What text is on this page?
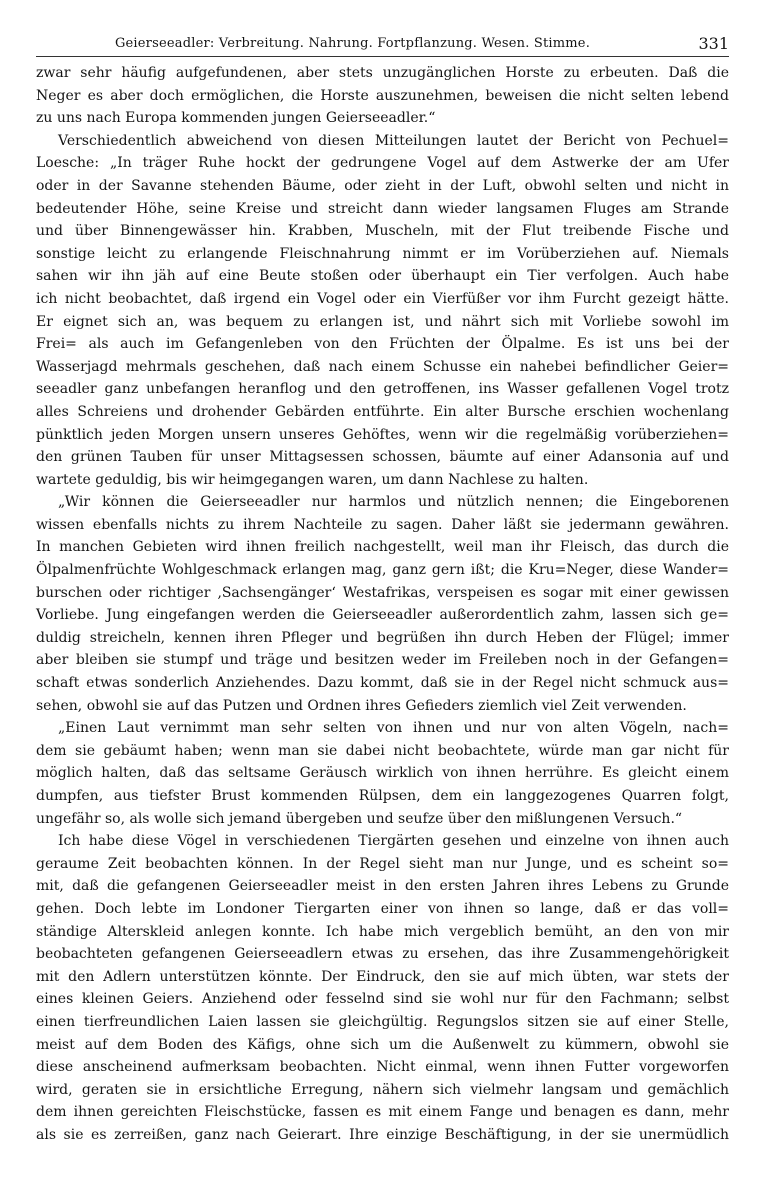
Geierseeadler: Verbreitung. Nahrung. Fortpflanzung. Wesen. Stimme.	331

zwar sehr häufig aufgefundenen, aber stets unzugänglichen Horste zu erbeuten. Daß die

Neger es aber doch ermöglichen, die Horste auszunehmen, beweisen die nicht selten lebend

zu uns nach Europa kommenden jungen Geierseeadler.“

Verschiedentlich abweichend von diesen Mitteilungen lautet der Bericht von Pechuel=

Loesche: „In träger Ruhe hockt der gedrungene Vogel auf dem Astwerke der am Ufer

oder in der Savanne stehenden Bäume, oder zieht in der Luft, obwohl selten und nicht in

bedeutender Höhe, seine Kreise und streicht dann wieder langsamen Fluges am Strande

und über Binnengewässer hin. Krabben, Muscheln, mit der Flut treibende Fische und

sonstige leicht zu erlangende Fleischnahrung nimmt er im Vorüberziehen auf. Niemals

sahen wir ihn jäh auf eine Beute stoßen oder überhaupt ein Tier verfolgen. Auch habe

ich nicht beobachtet, daß irgend ein Vogel oder ein Vierfüßer vor ihm Furcht gezeigt hätte.

Er eignet sich an, was bequem zu erlangen ist, und nährt sich mit Vorliebe sowohl im

Frei= als auch im Gefangenleben von den Früchten der Ölpalme. Es ist uns bei der

Wasserjagd mehrmals geschehen, daß nach einem Schusse ein nahebei befindlicher Geier=

seeadler ganz unbefangen heranflog und den getroffenen, ins Wasser gefallenen Vogel trotz

alles Schreiens und drohender Gebärden entführte. Ein alter Bursche erschien wochenlang

pünktlich jeden Morgen unsern unseres Gehöftes, wenn wir die regelmäßig vorüberziehen=

den grünen Tauben für unser Mittagsessen schossen, bäumte auf einer Adansonia auf und

wartete geduldig, bis wir heimgegangen waren, um dann Nachlese zu halten.

„Wir können die Geierseeadler nur harmlos und nützlich nennen; die Eingeborenen

wissen ebenfalls nichts zu ihrem Nachteile zu sagen. Daher läßt sie jedermann gewähren.

In manchen Gebieten wird ihnen freilich nachgestellt, weil man ihr Fleisch, das durch die

Ölpalmenfrüchte Wohlgeschmack erlangen mag, ganz gern ißt; die Kru=Neger, diese Wander=

burschen oder richtiger ‚Sachsengänger‘ Westafrikas, verspeisen es sogar mit einer gewissen

Vorliebe. Jung eingefangen werden die Geierseeadler außerordentlich zahm, lassen sich ge=

duldig streicheln, kennen ihren Pfleger und begrüßen ihn durch Heben der Flügel; immer

aber bleiben sie stumpf und träge und besitzen weder im Freileben noch in der Gefangen=

schaft etwas sonderlich Anziehendes. Dazu kommt, daß sie in der Regel nicht schmuck aus=

sehen, obwohl sie auf das Putzen und Ordnen ihres Gefieders ziemlich viel Zeit verwenden.

„Einen Laut vernimmt man sehr selten von ihnen und nur von alten Vögeln, nach=

dem sie gebäumt haben; wenn man sie dabei nicht beobachtete, würde man gar nicht für

möglich halten, daß das seltsame Geräusch wirklich von ihnen herrühre. Es gleicht einem

dumpfen, aus tiefster Brust kommenden Rülpsen, dem ein langgezogenes Quarren folgt,

ungefähr so, als wolle sich jemand übergeben und seufze über den mißlungenen Versuch.“

Ich habe diese Vögel in verschiedenen Tiergärten gesehen und einzelne von ihnen auch

geraume Zeit beobachten können. In der Regel sieht man nur Junge, und es scheint so=

mit, daß die gefangenen Geierseeadler meist in den ersten Jahren ihres Lebens zu Grunde

gehen. Doch lebte im Londoner Tiergarten einer von ihnen so lange, daß er das voll=

ständige Alterskleid anlegen konnte. Ich habe mich vergeblich bemüht, an den von mir

beobachteten gefangenen Geierseeadlern etwas zu ersehen, das ihre Zusammengehörigkeit

mit den Adlern unterstützen könnte. Der Eindruck, den sie auf mich übten, war stets der

eines kleinen Geiers. Anziehend oder fesselnd sind sie wohl nur für den Fachmann; selbst

einen tierfreundlichen Laien lassen sie gleichgültig. Regungslos sitzen sie auf einer Stelle,

meist auf dem Boden des Käfigs, ohne sich um die Außenwelt zu kümmern, obwohl sie

diese anscheinend aufmerksam beobachten. Nicht einmal, wenn ihnen Futter vorgeworfen

wird, geraten sie in ersichtliche Erregung, nähern sich vielmehr langsam und gemächlich

dem ihnen gereichten Fleischstücke, fassen es mit einem Fange und benagen es dann, mehr

als sie es zerreißen, ganz nach Geierart. Ihre einzige Beschäftigung, in der sie unermüdlich
